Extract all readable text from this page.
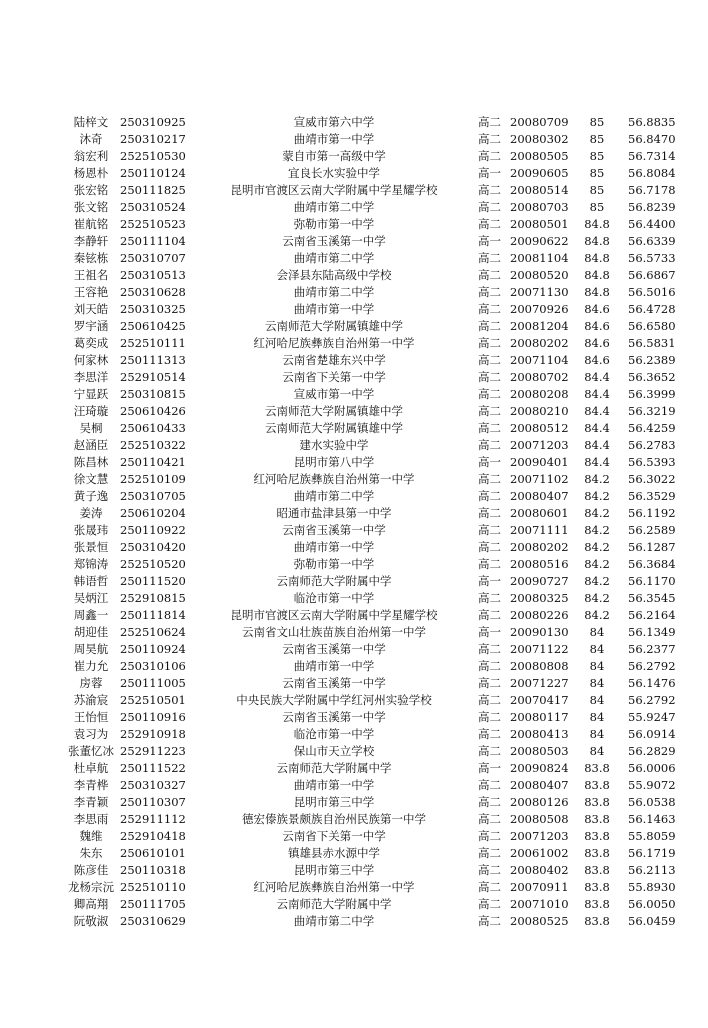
陆梓文	250310925	宣威市第六中学	高二	20080709	85	56.8835
沐奇	250310217	曲靖市第一中学	高二	20080302	85	56.8470
翁宏利	252510530	蒙自市第一高级中学	高二	20080505	85	56.7314
杨恩朴	250110124	宜良长水实验中学	高一	20090605	85	56.8084
张宏铭	250111825	昆明市官渡区云南大学附属中学星耀学校	高二	20080514	85	56.7178
张文铭	250310524	曲靖市第二中学	高二	20080703	85	56.8239
崔航铭	252510523	弥勒市第一中学	高二	20080501	84.8	56.4400
李静轩	250111104	云南省玉溪第一中学	高一	20090622	84.8	56.6339
秦铉栋	250310707	曲靖市第二中学	高二	20081104	84.8	56.5733
王祖名	250310513	会泽县东陆高级中学校	高二	20080520	84.8	56.6867
王容艳	250310628	曲靖市第二中学	高二	20071130	84.8	56.5016
刘天皓	250310325	曲靖市第一中学	高二	20070926	84.6	56.4728
罗宇涵	250610425	云南师范大学附属镇雄中学	高二	20081204	84.6	56.6580
葛奕成	252510111	红河哈尼族彝族自治州第一中学	高二	20080202	84.6	56.5831
何家林	250111313	云南省楚雄东兴中学	高二	20071104	84.6	56.2389
李思洋	252910514	云南省下关第一中学	高二	20080702	84.4	56.3652
宁显跃	250310815	宣威市第一中学	高二	20080208	84.4	56.3999
汪琦璇	250610426	云南师范大学附属镇雄中学	高二	20080210	84.4	56.3219
吴桐	250610433	云南师范大学附属镇雄中学	高二	20080512	84.4	56.4259
赵涵臣	252510322	建水实验中学	高二	20071203	84.4	56.2783
陈昌林	250110421	昆明市第八中学	高一	20090401	84.4	56.5393
徐文慧	252510109	红河哈尼族彝族自治州第一中学	高二	20071102	84.2	56.3022
黄子逸	250310705	曲靖市第二中学	高二	20080407	84.2	56.3529
姜涛	250610204	昭通市盐津县第一中学	高二	20080601	84.2	56.1192
张晟玮	250110922	云南省玉溪第一中学	高二	20071111	84.2	56.2589
张景恒	250310420	曲靖市第一中学	高二	20080202	84.2	56.1287
郑锦涛	252510520	弥勒市第一中学	高二	20080516	84.2	56.3684
韩语哲	250111520	云南师范大学附属中学	高一	20090727	84.2	56.1170
吴炳江	252910815	临沧市第一中学	高二	20080325	84.2	56.3545
周鑫一	250111814	昆明市官渡区云南大学附属中学星耀学校	高二	20080226	84.2	56.2164
胡迎佳	252510624	云南省文山壮族苗族自治州第一中学	高一	20090130	84	56.1349
周昊航	250110924	云南省玉溪第一中学	高二	20071122	84	56.2377
崔力允	250310106	曲靖市第一中学	高二	20080808	84	56.2792
房蓉	250111005	云南省玉溪第一中学	高二	20071227	84	56.1476
苏渝宸	252510501	中央民族大学附属中学红河州实验学校	高二	20070417	84	56.2792
王怡恒	250110916	云南省玉溪第一中学	高二	20080117	84	55.9247
袁习为	252910918	临沧市第一中学	高二	20080413	84	56.0914
张董忆冰	252911223	保山市天立学校	高二	20080503	84	56.2829
杜卓航	250111522	云南师范大学附属中学	高一	20090824	83.8	56.0006
李青桦	250310327	曲靖市第一中学	高二	20080407	83.8	55.9072
李青颖	250110307	昆明市第三中学	高二	20080126	83.8	56.0538
李思雨	252911112	德宏傣族景颇族自治州民族第一中学	高二	20080508	83.8	56.1463
魏维	252910418	云南省下关第一中学	高二	20071203	83.8	55.8059
朱东	250610101	镇雄县赤水源中学	高二	20061002	83.8	56.1719
陈彦佳	250110318	昆明市第三中学	高二	20080402	83.8	56.2113
龙杨宗沅	252510110	红河哈尼族彝族自治州第一中学	高二	20070911	83.8	55.8930
卿高翔	250111705	云南师范大学附属中学	高二	20071010	83.8	56.0050
阮敬淑	250310629	曲靖市第二中学	高二	20080525	83.8	56.0459
